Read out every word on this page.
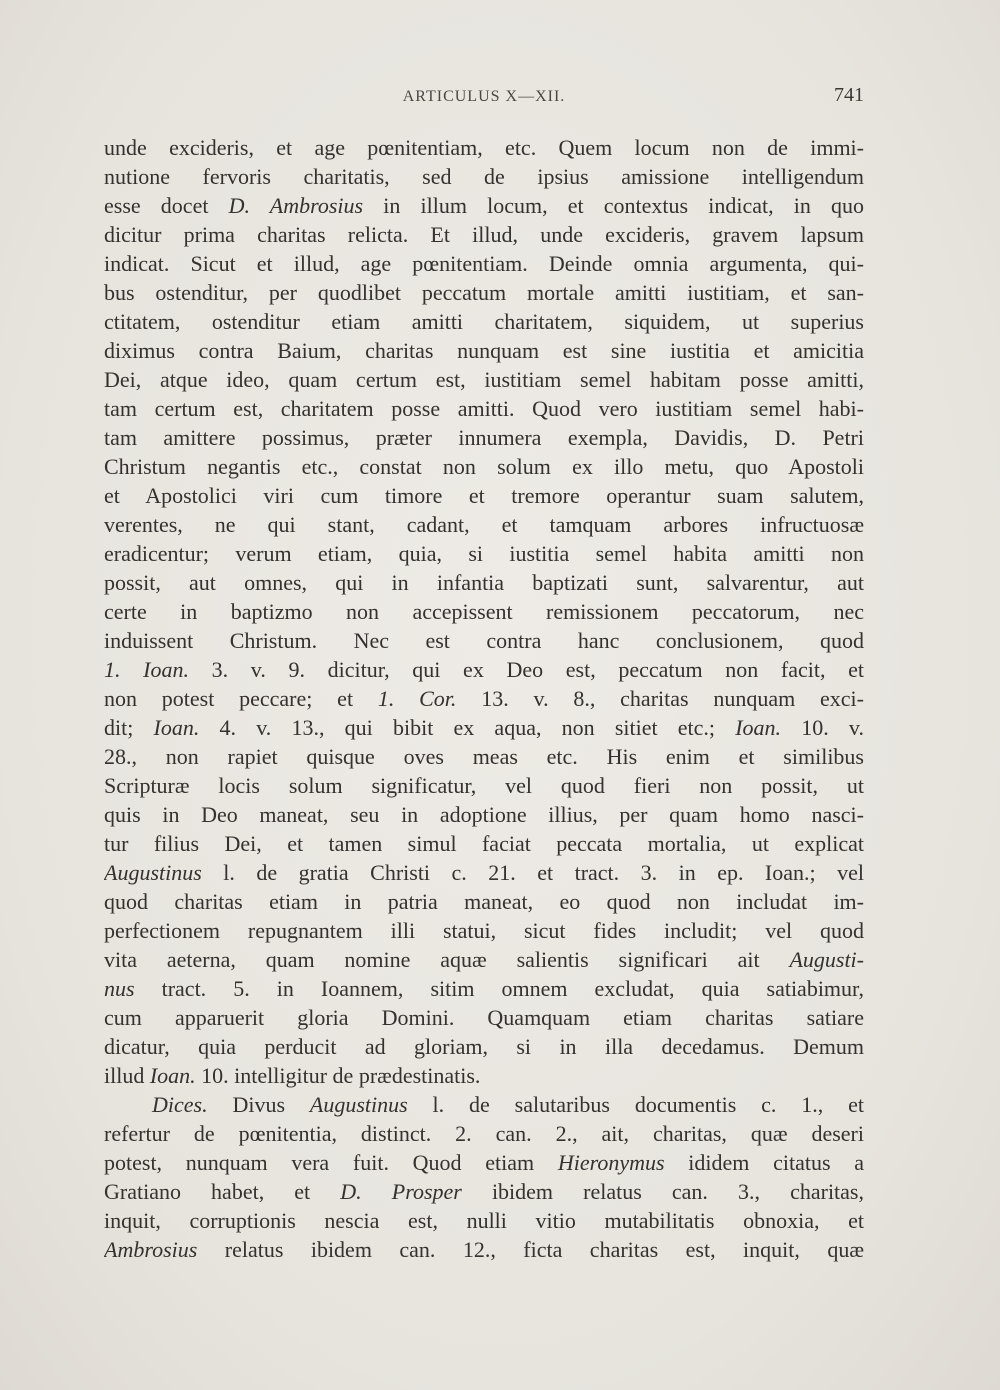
ARTICULUS X—XII.	741
unde excideris, et age pœnitentiam, etc. Quem locum non de immi-
nutione fervoris charitatis, sed de ipsius amissione intelligendum
esse docet D. Ambrosius in illum locum, et contextus indicat, in quo
dicitur prima charitas relicta. Et illud, unde excideris, gravem lapsum
indicat. Sicut et illud, age pœnitentiam. Deinde omnia argumenta, qui-
bus ostenditur, per quodlibet peccatum mortale amitti iustitiam, et san-
ctitatem, ostenditur etiam amitti charitatem, siquidem, ut superius
diximus contra Baium, charitas nunquam est sine iustitia et amicitia
Dei, atque ideo, quam certum est, iustitiam semel habitam posse amitti,
tam certum est, charitatem posse amitti. Quod vero iustitiam semel habi-
tam amittere possimus, præter innumera exempla, Davidis, D. Petri
Christum negantis etc., constat non solum ex illo metu, quo Apostoli
et Apostolici viri cum timore et tremore operantur suam salutem,
verentes, ne qui stant, cadant, et tamquam arbores infructuosæ
eradicentur; verum etiam, quia, si iustitia semel habita amitti non
possit, aut omnes, qui in infantia baptizati sunt, salvarentur, aut
certe in baptizmo non accepissent remissionem peccatorum, nec
induissent Christum. Nec est contra hanc conclusionem, quod
1. Ioan. 3. v. 9. dicitur, qui ex Deo est, peccatum non facit, et
non potest peccare; et 1. Cor. 13. v. 8., charitas nunquam exci-
dit; Ioan. 4. v. 13., qui bibit ex aqua, non sitiet etc.; Ioan. 10. v.
28., non rapiet quisque oves meas etc. His enim et similibus
Scripturæ locis solum significatur, vel quod fieri non possit, ut
quis in Deo maneat, seu in adoptione illius, per quam homo nasci-
tur filius Dei, et tamen simul faciat peccata mortalia, ut explicat
Augustinus l. de gratia Christi c. 21. et tract. 3. in ep. Ioan.; vel
quod charitas etiam in patria maneat, eo quod non includat im-
perfectionem repugnantem illi statui, sicut fides includit; vel quod
vita aeterna, quam nomine aquæ salientis significari ait Augusti-
nus tract. 5. in Ioannem, sitim omnem excludat, quia satiabimur,
cum apparuerit gloria Domini. Quamquam etiam charitas satiare
dicatur, quia perducit ad gloriam, si in illa decedamus. Demum
illud Ioan. 10. intelligitur de prædestinatis.
Dices. Divus Augustinus l. de salutaribus documentis c. 1., et
refertur de pœnitentia, distinct. 2. can. 2., ait, charitas, quæ deseri
potest, nunquam vera fuit. Quod etiam Hieronymus ididem citatus a
Gratiano habet, et D. Prosper ibidem relatus can. 3., charitas,
inquit, corruptionis nescia est, nulli vitio mutabilitatis obnoxia, et
Ambrosius relatus ibidem can. 12., ficta charitas est, inquit, quæ
